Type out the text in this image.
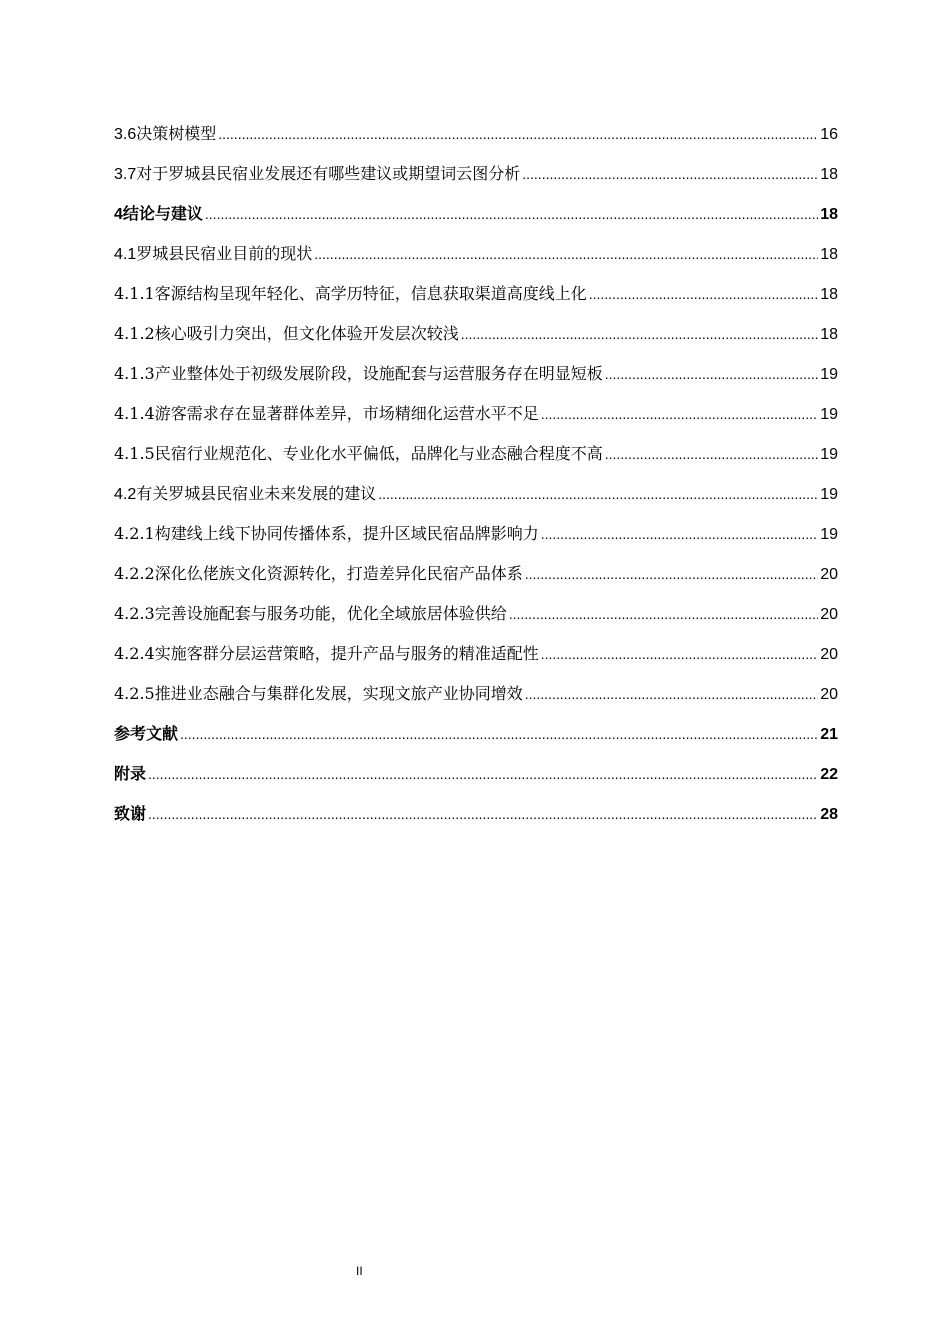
3.6决策树模型 .....	16
3.7对于罗城县民宿业发展还有哪些建议或期望词云图分析 .....	18
4结论与建议 .....	18
4.1罗城县民宿业目前的现状 .....	18
4.1.1客源结构呈现年轻化、高学历特征，信息获取渠道高度线上化 .....	18
4.1.2核心吸引力突出，但文化体验开发层次较浅 .....	18
4.1.3产业整体处于初级发展阶段，设施配套与运营服务存在明显短板 .....	19
4.1.4游客需求存在显著群体差异，市场精细化运营水平不足 .....	19
4.1.5民宿行业规范化、专业化水平偏低，品牌化与业态融合程度不高 .....	19
4.2有关罗城县民宿业未来发展的建议 .....	19
4.2.1构建线上线下协同传播体系，提升区域民宿品牌影响力 .....	19
4.2.2深化仫佬族文化资源转化，打造差异化民宿产品体系 .....	20
4.2.3完善设施配套与服务功能，优化全域旅居体验供给 .....	20
4.2.4实施客群分层运营策略，提升产品与服务的精准适配性 .....	20
4.2.5推进业态融合与集群化发展，实现文旅产业协同增效 .....	20
参考文献 .....	21
附录 .....	22
致谢 .....	28
II
